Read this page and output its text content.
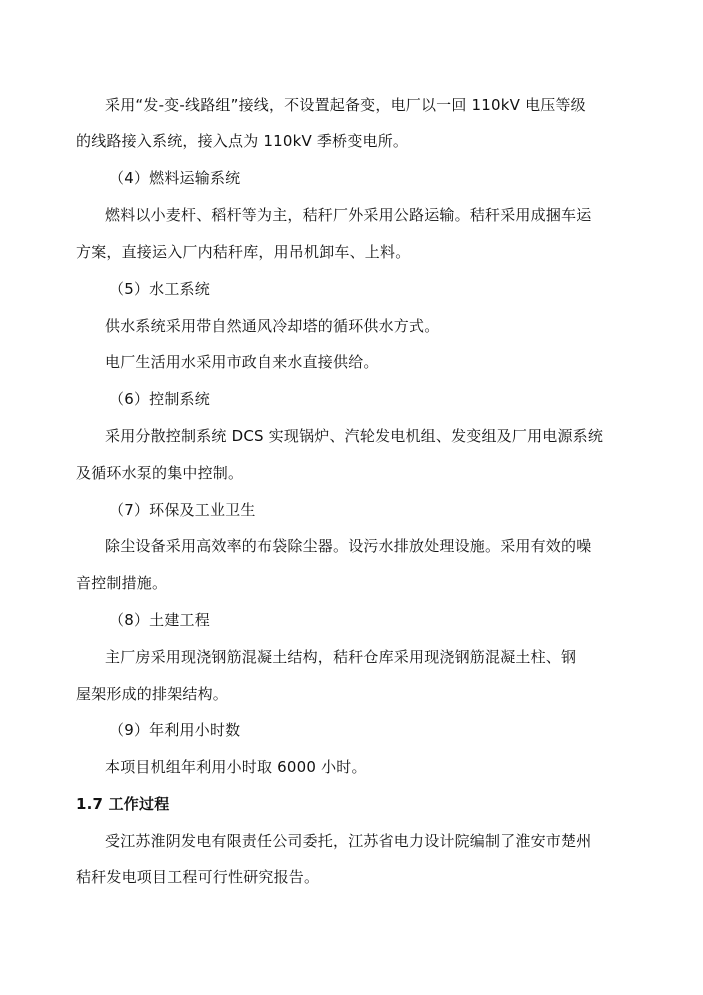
采用“发-变-线路组”接线，不设置起备变，电厂以一回 110kV 电压等级
的线路接入系统，接入点为 110kV 季桥变电所。
（4）燃料运输系统
燃料以小麦杆、稻杆等为主，秸秆厂外采用公路运输。秸秆采用成捆车运
方案，直接运入厂内秸秆库，用吊机卸车、上料。
（5）水工系统
供水系统采用带自然通风冷却塔的循环供水方式。
电厂生活用水采用市政自来水直接供给。
（6）控制系统
采用分散控制系统 DCS 实现锅炉、汽轮发电机组、发变组及厂用电源系统
及循环水泵的集中控制。
（7）环保及工业卫生
除尘设备采用高效率的布袋除尘器。设污水排放处理设施。采用有效的噪
音控制措施。
（8）土建工程
主厂房采用现浇钢筋混凝土结构，秸秆仓库采用现浇钢筋混凝土柱、钢
屋架形成的排架结构。
（9）年利用小时数
本项目机组年利用小时取 6000 小时。
1.7 工作过程
受江苏淮阴发电有限责任公司委托，江苏省电力设计院编制了淮安市楚州
秸秆发电项目工程可行性研究报告。
